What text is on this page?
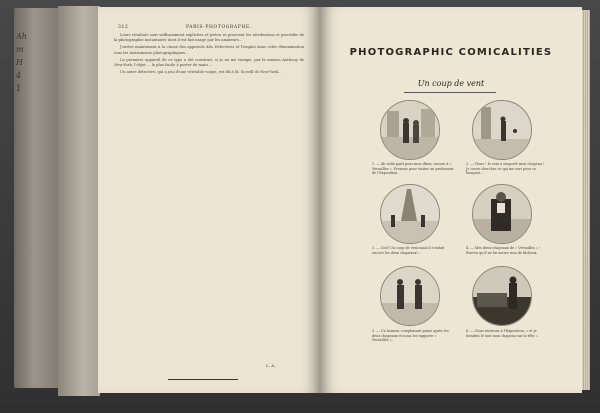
Ah
m
H
4
1
312	PARIS-PHOTOGRAPHE.

Leurs résultats sont suffisamment explicites et précis et prouvent les attributions et procédés de la photographie instantanée dont il est fait usage par les amateurs...

J'arrive maintenant à la classe des appareils dits Détectives et l'emploi dans cette dénomination tous les instruments photographiques...

La première appareil de ce type a été construit, si je ne me trompe, par la maison Anthony de New-York; l'objet ... le plus facile à porter de main ...

Un autre détective, qui a joui d'une véritable vogue, est dû à M. Scovill de New-York...

L. A.
PHOTOGRAPHIC COMICALITIES
Un coup de vent
1. — Ah voilà parti pour mon dîner, encore à « Versailles ». Prenons pour visiter un professeur de l'Exposition.
2. — Tiens ! le vent a emporté mon chapeau ! Je cours chercher ce qui me sert pour ce bouquet...
3. — Ciel! Un coup de vent mais il s'enfuit encore les deux chapeaux!...
4. — Mes deux chapeaux de « Versailles » ! Pourvu qu'il ne lui arrive rien de fâcheux.
5. — Un homme complaisant passe après les deux chapeaux et nous les rapporte « Versailles ».
6. — Nous rentrons à l'Exposition, « et je tiendrai le tout mon chapeau sur la tête ».
